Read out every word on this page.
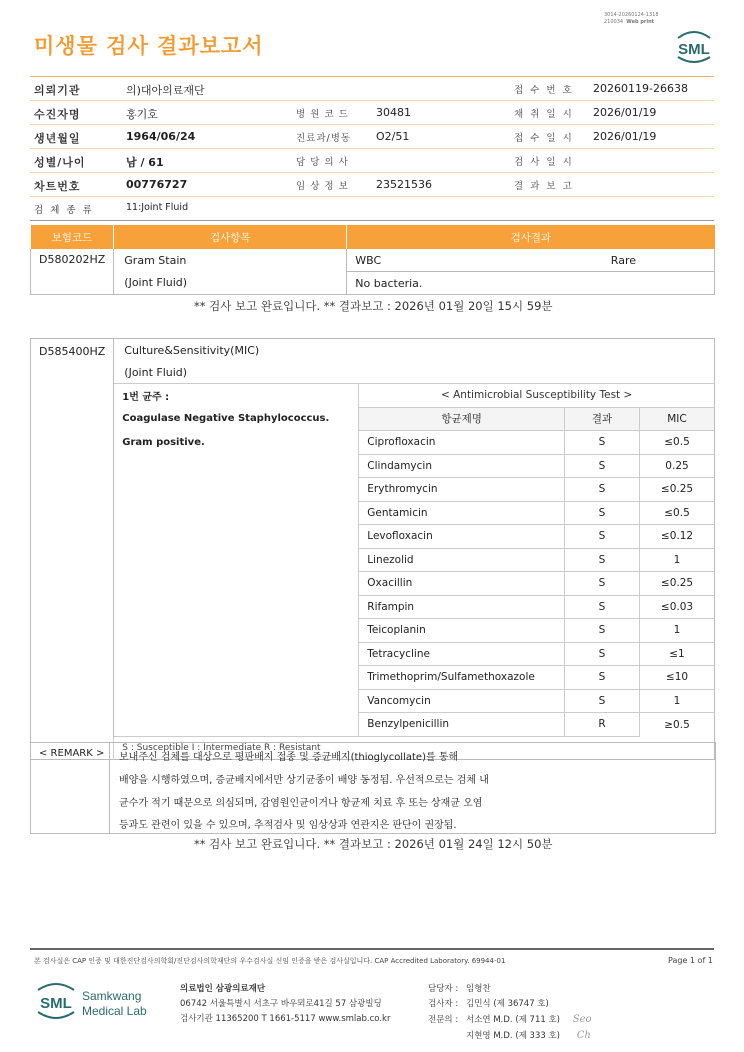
3014-20260124-1318
210034 Web print
미생물 검사 결과보고서	SML
의뢰기관	의)대아의료재단	접 수 번 호 20260119-26638
수진자명	홍기호	병 원 코 드 30481	채 취 일 시 2026/01/19
생년월일	1964/06/24	진료과/병동 O2/51	접 수 일 시 2026/01/19
성별/나이	남 / 61	담 당 의 사	검 사 일 시
차트번호	00776727	임 상 정 보 23521536	결 과 보 고
검 체 종 류	11:Joint Fluid
보험코드	검사항목	검사결과
D580202HZ	Gram Stain	WBC Rare

	(Joint Fluid)	No bacteria.
** 검사 보고 완료입니다. ** 결과보고 : 2026년 01월 20일 15시 59분
D585400HZ	Culture&Sensitivity(MIC)			
	(Joint Fluid)			
	1번 균주 :	< Antimicrobial Susceptibility Test >		
	Coagulase Negative Staphylococcus.	항균제명	결과	MIC
	Gram positive.	Ciprofloxacin	S	≤0.5
		Clindamycin	S	0.25
		Erythromycin	S	≤0.25
		Gentamicin	S	≤0.5
		Levofloxacin	S	≤0.12
		Linezolid	S	1
		Oxacillin	S	≤0.25
		Rifampin	S	≤0.03
		Teicoplanin	S	1
		Tetracycline	S	≤1
		Trimethoprim/Sulfamethoxazole	S	≤10
		Vancomycin	S	1
		Benzylpenicillin	R	≥0.5
	S : Susceptible I : Intermediate R : Resistant			
< REMARK > 보내주신 검체를 대상으로 평판배지 접종 및 증균배지(thioglycollate)를 통해
배양을 시행하였으며, 증균배지에서만 상기균종이 배양 동정됨. 우선적으로는 검체 내
균수가 적기 때문으로 의심되며, 감염원인균이거나 항균제 치료 후 또는 상재균 오염
등과도 관련이 있을 수 있으며, 추적검사 및 임상상과 연관지은 판단이 권장됨.
** 검사 보고 완료입니다. ** 결과보고 : 2026년 01월 24일 12시 50분
본 검사실은 CAP 인증 및 대한진단검사의학회/진단검사의학재단의 우수검사실 신임 인증을 받은 검사실입니다. CAP Accredited Laboratory. 69944-01	Page 1 of 1
SML Samkwang
Medical Lab
의료법인 삼광의료재단
06742 서울특별시 서초구 바우뫼로41길 57 삼광빌딩
검사기관 11365200 T 1661-5117 www.smlab.co.kr
담당자 : 임형찬
검사자 : 김민식 (제 36747 호)
전문의 : 서소연 M.D. (제 711 호) Seo
지현영 M.D. (제 333 호) Ch
